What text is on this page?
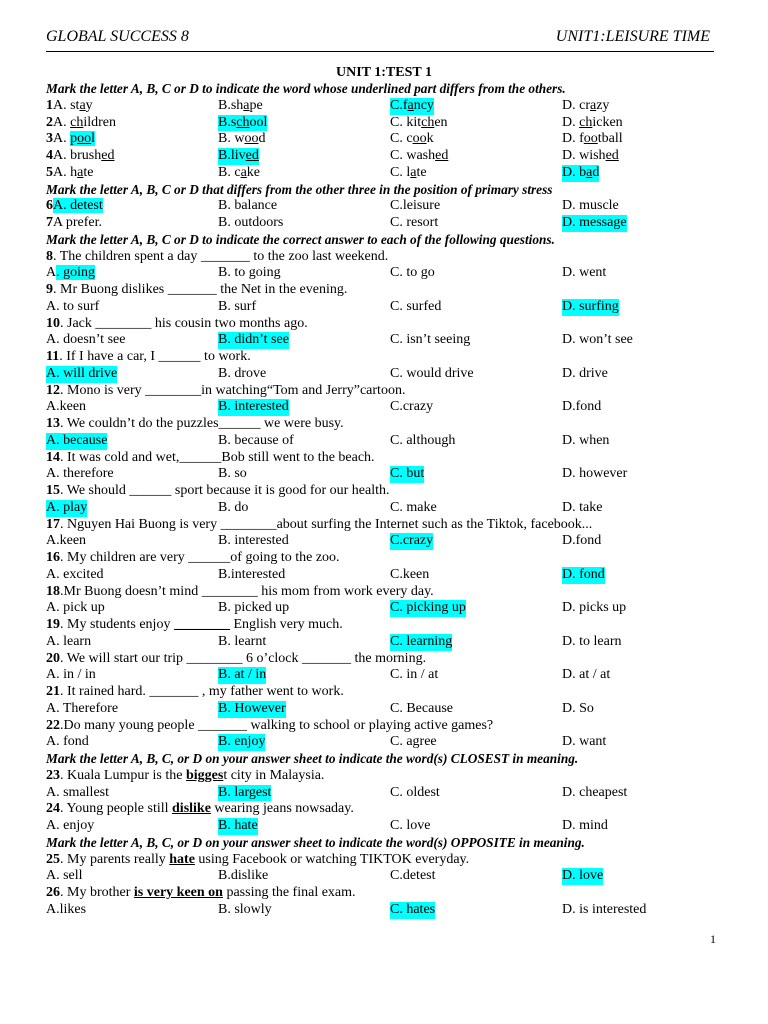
GLOBAL SUCCESS 8	UNIT1:LEISURE TIME
UNIT 1:TEST 1
Mark the letter A, B, C or D to indicate the word whose underlined part differs from the others.
1A. stay	B.shape	C.fancy	D. crazy
2A. children	B.school	C. kitchen	D. chicken
3A. pool	B. wood	C. cook	D. football
4A. brushed	B.lived	C. washed	D. wished
5A. hate	B. cake	C. late	D. bad
Mark the letter A, B, C or D that differs from the other three in the position of primary stress
6A. detest	B. balance	C.leisure	D. muscle
7A prefer.	B. outdoors	C. resort	D. message
Mark the letter A, B, C or D to indicate the correct answer to each of the following questions.
8. The children spent a day _______ to the zoo last weekend.
A. going	B. to going	C. to go	D. went
9. Mr Buong dislikes _______ the Net in the evening.
A. to surf	B. surf	C. surfed	D. surfing
10. Jack ________ his cousin two months ago.
A. doesn’t see	B. didn’t see	C. isn’t seeing	D. won’t see
11. If I have a car, I ______ to work.
A. will drive	B. drove	C. would drive	D. drive
12. Mono is very ________in watching“Tom and Jerry”cartoon.
A.keen	B. interested	C.crazy	D.fond
13. We couldn’t do the puzzles______ we were busy.
A. because	B. because of	C. although	D. when
14. It was cold and wet,______Bob still went to the beach.
A. therefore	B. so	C. but	D. however
15. We should ______ sport because it is good for our health.
A. play	B. do	C. make	D. take
17. Nguyen Hai Buong is very ________about surfing the Internet such as the Tiktok, facebook...
A.keen	B. interested	C.crazy	D.fond
16. My children are very ______of going to the zoo.
A. excited	B.interested	C.keen	D. fond
18.Mr Buong doesn’t mind ________ his mom from work every day.
A. pick up	B. picked up	C. picking up	D. picks up
19. My students enjoy ________ English very much.
A. learn	B. learnt	C. learning	D. to learn
20. We will start our trip ________ 6 o’clock _______ the morning.
A. in / in	B. at / in	C. in / at	D. at / at
21. It rained hard. _______ , my father went to work.
A. Therefore	B. However	C. Because	D. So
22.Do many young people _______ walking to school or playing active games?
A. fond	B. enjoy	C. agree	D. want
Mark the letter A, B, C, or D on your answer sheet to indicate the word(s) CLOSEST in meaning.
23. Kuala Lumpur is the biggest city in Malaysia.
A. smallest	B. largest	C. oldest	D. cheapest
24. Young people still dislike wearing jeans nowsaday.
A. enjoy	B. hate	C. love	D. mind
Mark the letter A, B, C, or D on your answer sheet to indicate the word(s) OPPOSITE in meaning.
25. My parents really hate using Facebook or watching TIKTOK everyday.
A. sell	B.dislike	C.detest	D. love
26. My brother is very keen on passing the final exam.
A.likes	B. slowly	C. hates	D. is interested
1
